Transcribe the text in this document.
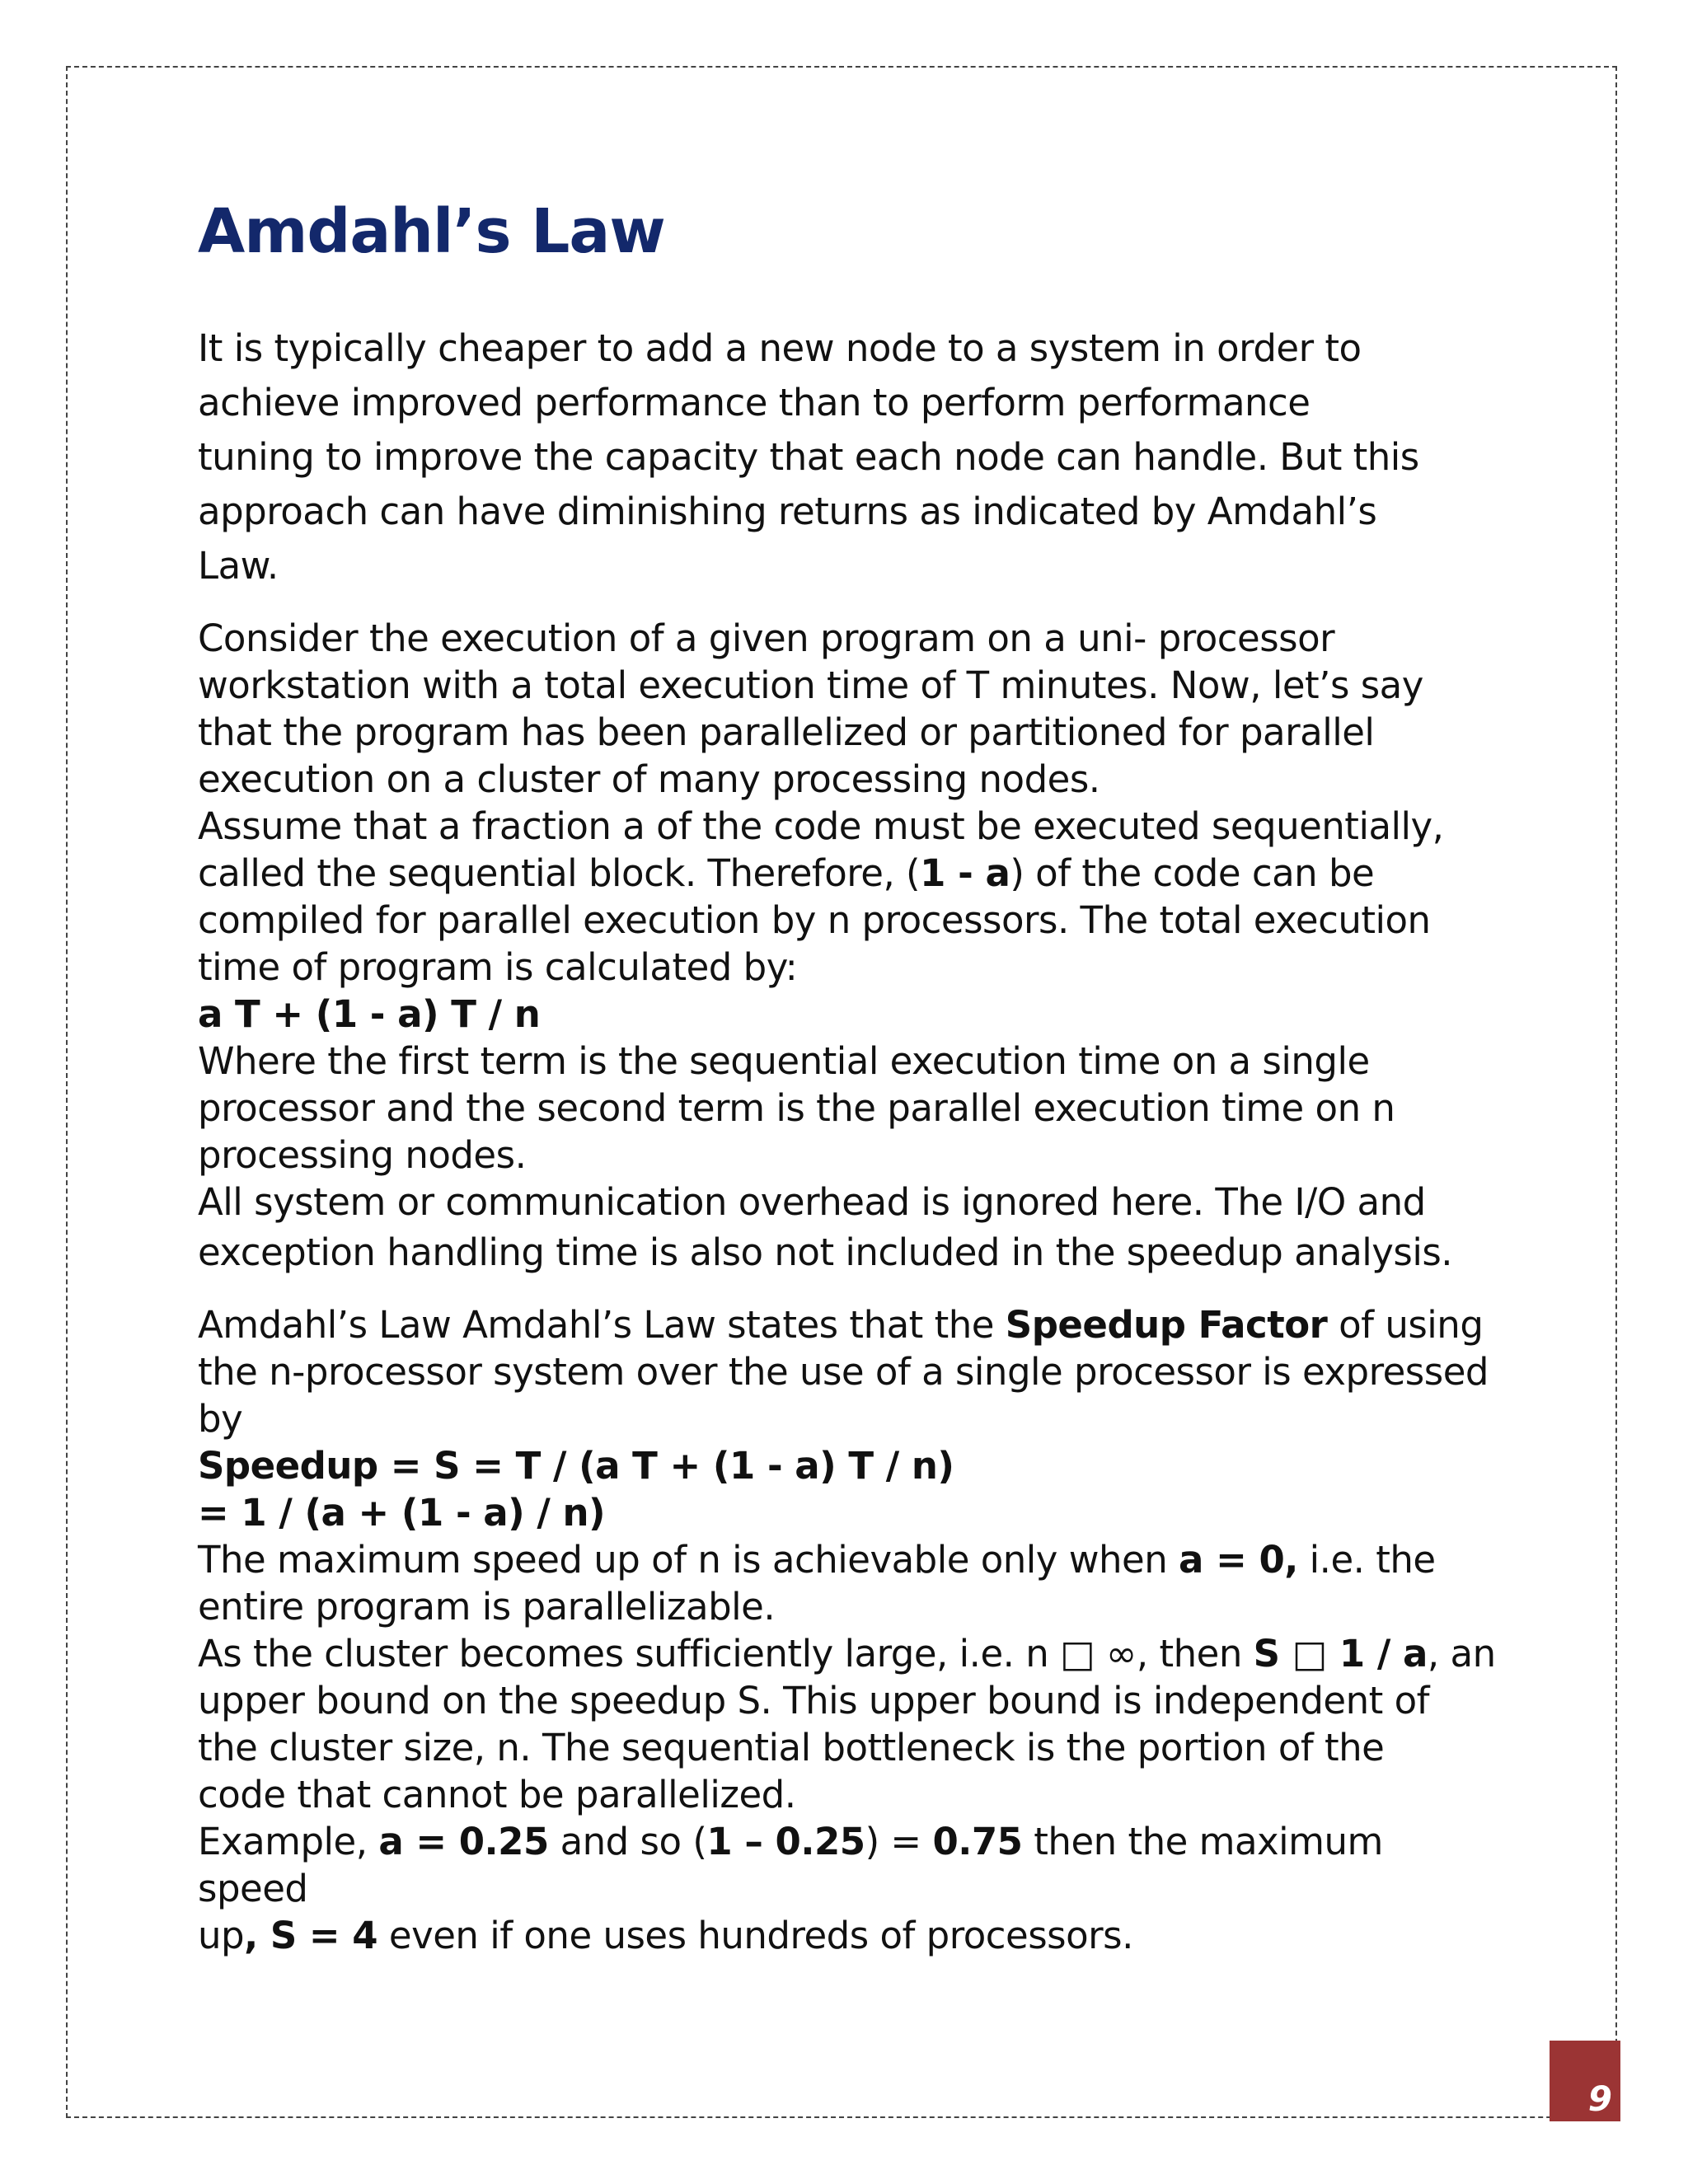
Amdahl’s Law

It is typically cheaper to add a new node to a system in order to

achieve improved performance than to perform performance

tuning to improve the capacity that each node can handle. But this

approach can have diminishing returns as indicated by Amdahl’s

Law.

Consider the execution of a given program on a uni- processor

workstation with a total execution time of T minutes. Now, let’s say

that the program has been parallelized or partitioned for parallel

execution on a cluster of many processing nodes.

Assume that a fraction a of the code must be executed sequentially,

called the sequential block. Therefore, (1 - a) of the code can be

compiled for parallel execution by n processors. The total execution

time of program is calculated by:

a T + (1 - a) T / n

Where the first term is the sequential execution time on a single

processor and the second term is the parallel execution time on n

processing nodes.

All system or communication overhead is ignored here. The I/O and

exception handling time is also not included in the speedup analysis.

Amdahl’s Law Amdahl’s Law states that the Speedup Factor of using

the n-processor system over the use of a single processor is expressed

by

Speedup = S = T / (a T + (1 - a) T / n)

= 1 / (a + (1 - a) / n)

The maximum speed up of n is achievable only when a = 0, i.e. the

entire program is parallelizable.

As the cluster becomes sufficiently large, i.e. n □ ∞, then S □ 1 / a, an

upper bound on the speedup S. This upper bound is independent of

the cluster size, n. The sequential bottleneck is the portion of the

code that cannot be parallelized.

Example, a = 0.25 and so (1 – 0.25) = 0.75 then the maximum speed

up, S = 4 even if one uses hundreds of processors.

9
